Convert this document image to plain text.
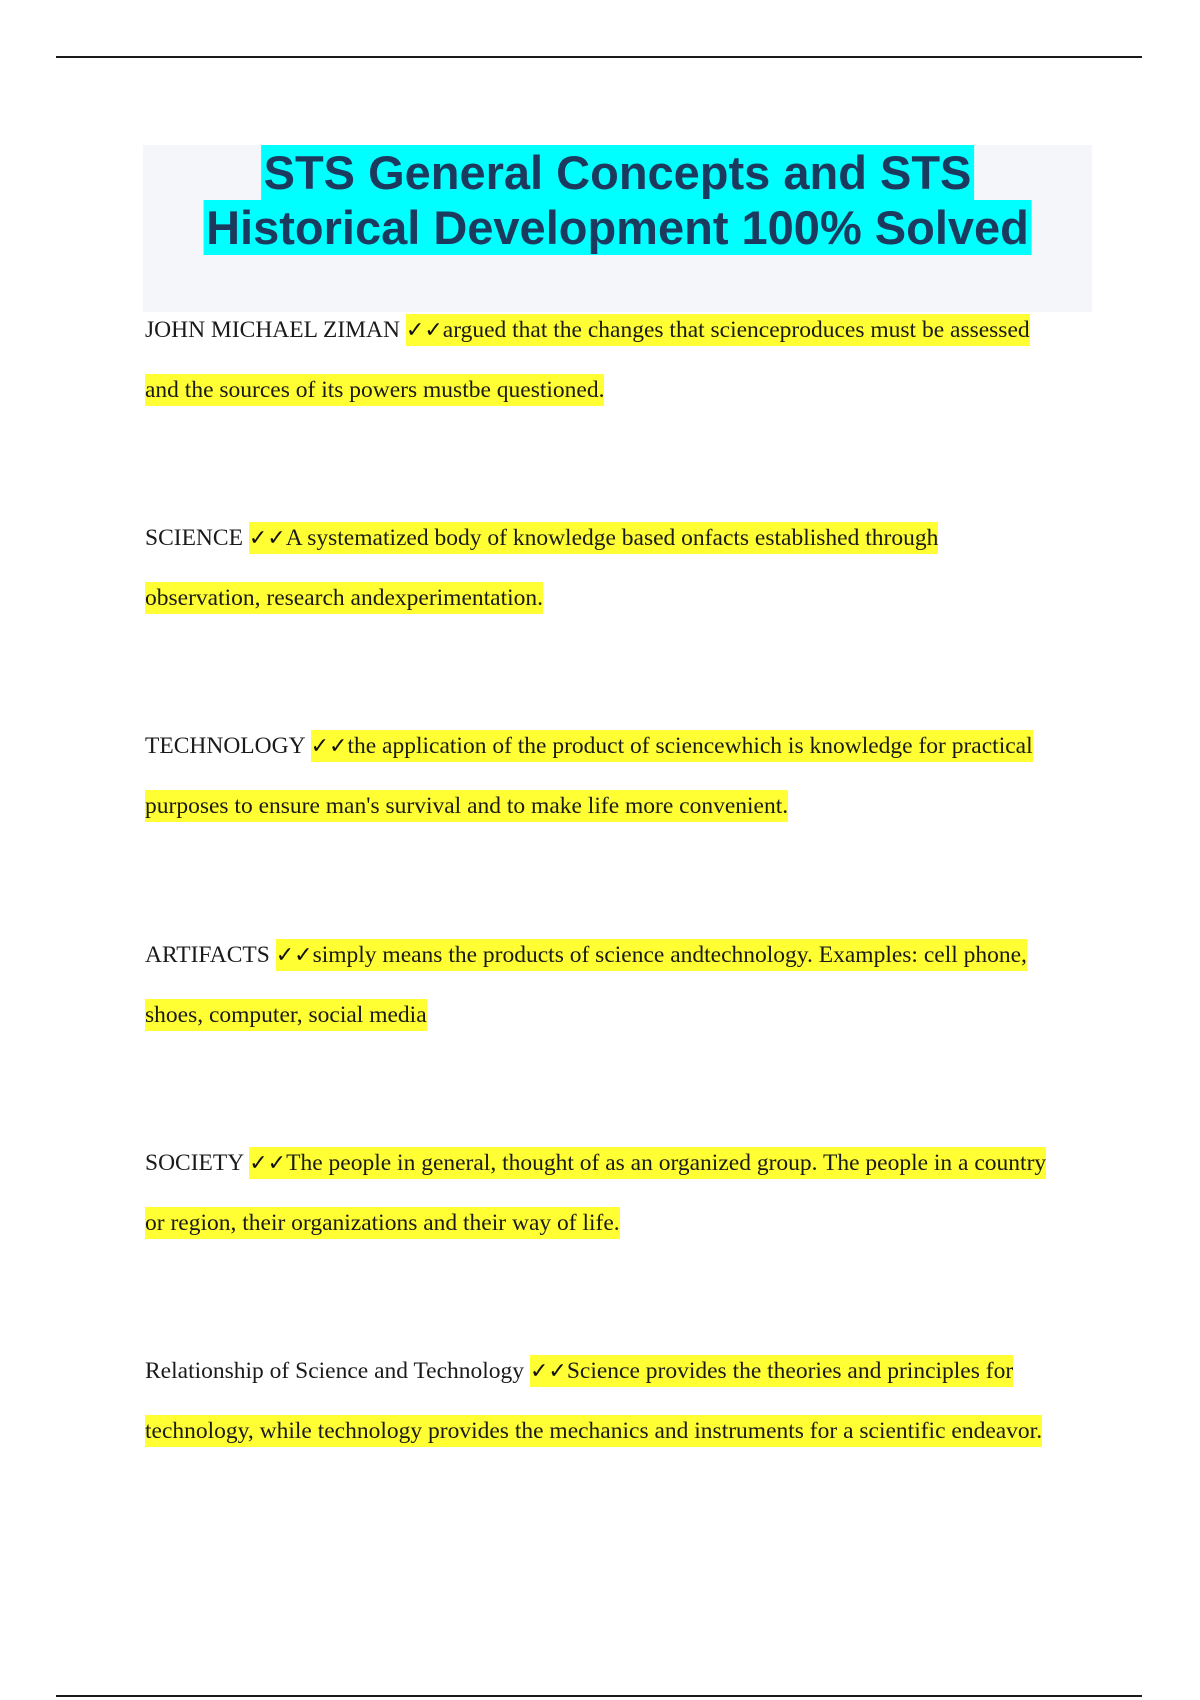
STS General Concepts and STS
Historical Development 100% Solved
JOHN MICHAEL ZIMAN ✓✓argued that the changes that scienceproduces must be assessed
and the sources of its powers mustbe questioned.
SCIENCE ✓✓A systematized body of knowledge based onfacts established through
observation, research andexperimentation.
TECHNOLOGY ✓✓the application of the product of sciencewhich is knowledge for practical
purposes to ensure man's survival and to make life more convenient.
ARTIFACTS ✓✓simply means the products of science andtechnology. Examples: cell phone,
shoes, computer, social media
SOCIETY ✓✓The people in general, thought of as an organized group. The people in a country
or region, their organizations and their way of life.
Relationship of Science and Technology ✓✓Science provides the theories and principles for
technology, while technology provides the mechanics and instruments for a scientific endeavor.
